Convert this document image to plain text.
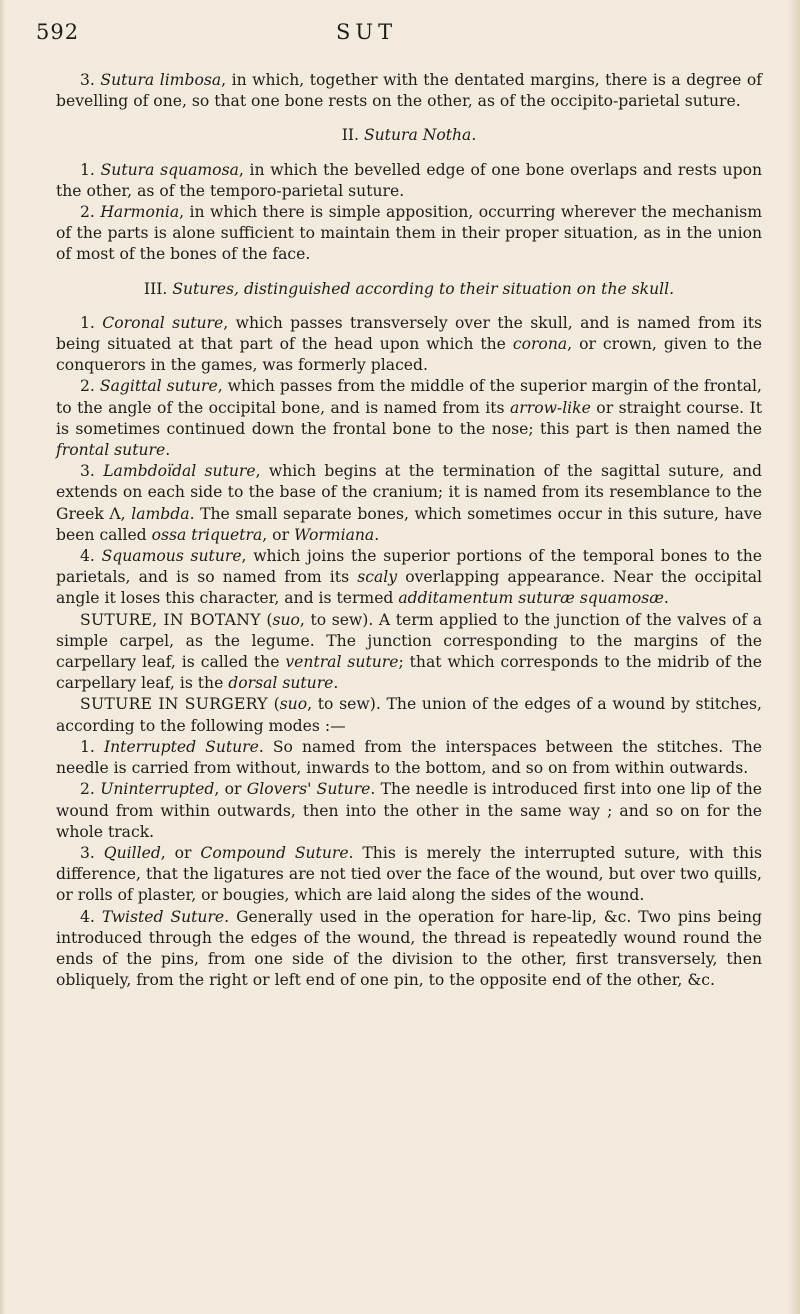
592	SUT

3. Sutura limbosa, in which, together with the dentated margins, there is a degree of bevelling of one, so that one bone rests on the other, as of the occipito-parietal suture.

II. Sutura Notha.

1. Sutura squamosa, in which the bevelled edge of one bone overlaps and rests upon the other, as of the temporo-parietal suture.

2. Harmonia, in which there is simple apposition, occurring wherever the mechanism of the parts is alone sufficient to maintain them in their proper situation, as in the union of most of the bones of the face.

III. Sutures, distinguished according to their situation on the skull.

1. Coronal suture, which passes transversely over the skull, and is named from its being situated at that part of the head upon which the corona, or crown, given to the conquerors in the games, was formerly placed.

2. Sagittal suture, which passes from the middle of the superior margin of the frontal, to the angle of the occipital bone, and is named from its arrow-like or straight course. It is sometimes continued down the frontal bone to the nose; this part is then named the frontal suture.

3. Lambdoïdal suture, which begins at the termination of the sagittal suture, and extends on each side to the base of the cranium; it is named from its resemblance to the Greek Λ, lambda. The small separate bones, which sometimes occur in this suture, have been called ossa triquetra, or Wormiana.

4. Squamous suture, which joins the superior portions of the temporal bones to the parietals, and is so named from its scaly overlapping appearance. Near the occipital angle it loses this character, and is termed additamentum suturæ squamosæ.

SUTURE, IN BOTANY (suo, to sew). A term applied to the junction of the valves of a simple carpel, as the legume. The junction corresponding to the margins of the carpellary leaf, is called the ventral suture; that which corresponds to the midrib of the carpellary leaf, is the dorsal suture.

SUTURE IN SURGERY (suo, to sew). The union of the edges of a wound by stitches, according to the following modes :—

1. Interrupted Suture. So named from the interspaces between the stitches. The needle is carried from without, inwards to the bottom, and so on from within outwards.

2. Uninterrupted, or Glovers' Suture. The needle is introduced first into one lip of the wound from within outwards, then into the other in the same way ; and so on for the whole track.

3. Quilled, or Compound Suture. This is merely the interrupted suture, with this difference, that the ligatures are not tied over the face of the wound, but over two quills, or rolls of plaster, or bougies, which are laid along the sides of the wound.

4. Twisted Suture. Generally used in the operation for hare-lip, &c. Two pins being introduced through the edges of the wound, the thread is repeatedly wound round the ends of the pins, from one side of the division to the other, first transversely, then obliquely, from the right or left end of one pin, to the opposite end of the other, &c.
